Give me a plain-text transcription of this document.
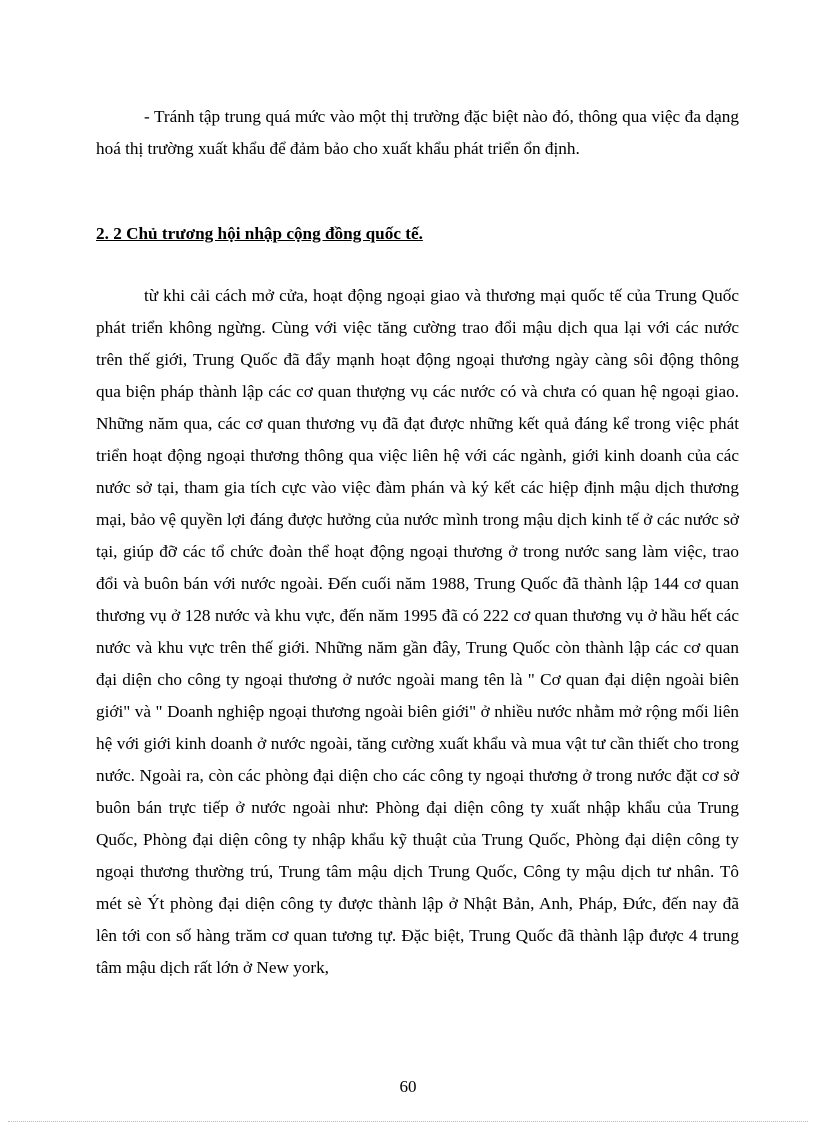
- Tránh tập trung quá mức vào một thị trường đặc biệt nào đó, thông qua việc đa dạng hoá thị trường xuất khẩu để đảm bảo cho xuất khẩu phát triển ổn định.

2. 2 Chủ trương hội nhập cộng đồng quốc tế.

từ khi cải cách mở cửa, hoạt động ngoại giao và thương mại quốc tế của Trung Quốc phát triển không ngừng. Cùng với việc tăng cường trao đổi mậu dịch qua lại với các nước trên thế giới, Trung Quốc đã đẩy mạnh hoạt động ngoại thương ngày càng sôi động thông qua biện pháp thành lập các cơ quan thượng vụ các nước có và chưa có quan hệ ngoại giao. Những năm qua, các cơ quan thương vụ đã đạt được những kết quả đáng kể trong việc phát triển hoạt động ngoại thương thông qua việc liên hệ với các ngành, giới kinh doanh của các nước sở tại, tham gia tích cực vào việc đàm phán và ký kết các hiệp định mậu dịch thương mại, bảo vệ quyền lợi đáng được hưởng của nước mình trong mậu dịch kinh tế ở các nước sở tại, giúp đỡ các tổ chức đoàn thể hoạt động ngoại thương ở trong nước sang làm việc, trao đổi và buôn bán với nước ngoài. Đến cuối năm 1988, Trung Quốc đã thành lập 144 cơ quan thương vụ ở 128 nước và khu vực, đến năm 1995 đã có 222 cơ quan thương vụ ở hầu hết các nước và khu vực trên thế giới. Những năm gần đây, Trung Quốc còn thành lập các cơ quan đại diện cho công ty ngoại thương ở nước ngoài mang tên là " Cơ quan đại diện ngoài biên giới" và " Doanh nghiệp ngoại thương ngoài biên giới" ở nhiều nước nhằm mở rộng mối liên hệ với giới kinh doanh ở nước ngoài, tăng cường xuất khẩu và mua vật tư cần thiết cho trong nước. Ngoài ra, còn các phòng đại diện cho các công ty ngoại thương ở trong nước đặt cơ sở buôn bán trực tiếp ở nước ngoài như: Phòng đại diện công ty xuất nhập khẩu của Trung Quốc, Phòng đại diện công ty nhập khẩu kỹ thuật của Trung Quốc, Phòng đại diện công ty ngoại thương thường trú, Trung tâm mậu dịch Trung Quốc, Công ty mậu dịch tư nhân. Tô mét sè Ýt phòng đại diện công ty được thành lập ở Nhật Bản, Anh, Pháp, Đức, đến nay đã lên tới con số hàng trăm cơ quan tương tự. Đặc biệt, Trung Quốc đã thành lập được 4 trung tâm mậu dịch rất lớn ở New york,

60
